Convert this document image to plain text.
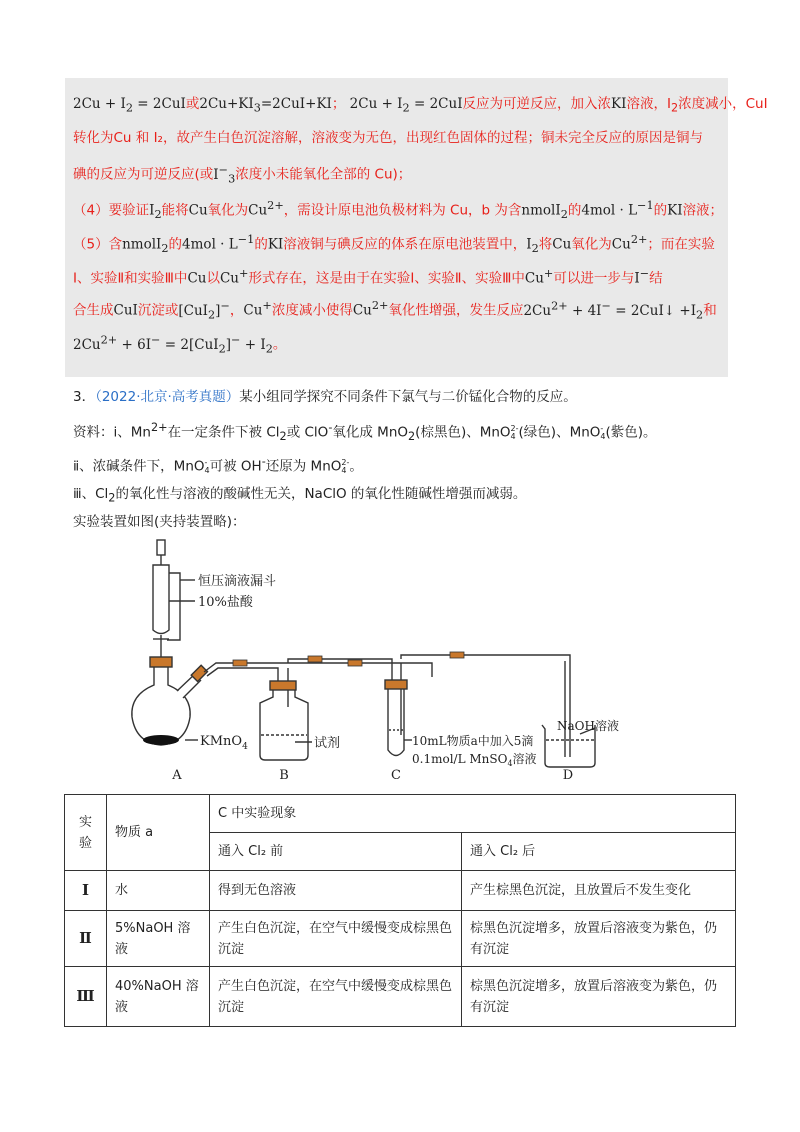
$2Cu + I_2 = 2CuI$或$2Cu+KI_3=2CuI+KI$； $2Cu + I_2 = 2CuI$反应为可逆反应，加入浓KI溶液，$I_2$浓度减小，CuI
转化为Cu 和 I₂，故产生白色沉淀溶解，溶液变为无色，出现红色固体的过程；铜未完全反应的原因是铜与
碘的反应为可逆反应(或$I^-_3$浓度小未能氧化全部的 Cu)；
（4）要验证$I_2$能将Cu氧化为$Cu^{2+}$，需设计原电池负极材料为 Cu，b 为含nmolI$_2$的$4mol \cdot L^{-1}$的KI溶液；
（5）含nmolI$_2$的$4mol \cdot L^{-1}$的KI溶液铜与碘反应的体系在原电池装置中，$I_2$将Cu氧化为$Cu^{2+}$；而在实验
Ⅰ、实验Ⅱ和实验Ⅲ中Cu以Cu+形式存在，这是由于在实验Ⅰ、实验Ⅱ、实验Ⅲ中Cu+可以进一步与I−结
合生成CuI沉淀或[CuI$_2$]−，Cu+浓度减小使得$Cu^{2+}$氧化性增强，发生反应$2Cu^{2+} + 4I^-$ = 2CuI↓ $+I_2$和
$2Cu^{2+} + 6I^- = 2[CuI_2]^- + I_2$。
3．（2022·北京·高考真题）某小组同学探究不同条件下氯气与二价锰化合物的反应。
资料：ⅰ、$Mn^{2+}$在一定条件下被 $Cl_2$或 ClO-氧化成 MnO$_2$(棕黑色)、MnO2-
4 (绿色)、MnO-
4(紫色)。
ⅱ、浓碱条件下，MnO-
4可被 OH-还原为 MnO2-
4 。
ⅲ、$Cl_2$的氧化性与溶液的酸碱性无关，NaClO 的氧化性随碱性增强而减弱。
实验装置如图(夹持装置略)：
恒压滴液漏斗
10%盐酸
KMnO$_4$	试剂	10mL物质a中加入5滴
0.1mol/L MnSO$_4$溶液
NaOH溶液
A	B	C	D
实
验	物质 a	C 中实验现象	
		通入 Cl₂ 前	通入 Cl₂ 后
Ⅰ	水	得到无色溶液	产生棕黑色沉淀，且放置后不发生变化
Ⅱ	5%NaOH 溶液	产生白色沉淀，在空气中缓慢变成棕黑色沉淀	棕黑色沉淀增多，放置后溶液变为紫色，仍有沉淀
Ⅲ	40%NaOH 溶液	产生白色沉淀，在空气中缓慢变成棕黑色沉淀	棕黑色沉淀增多，放置后溶液变为紫色，仍有沉淀
